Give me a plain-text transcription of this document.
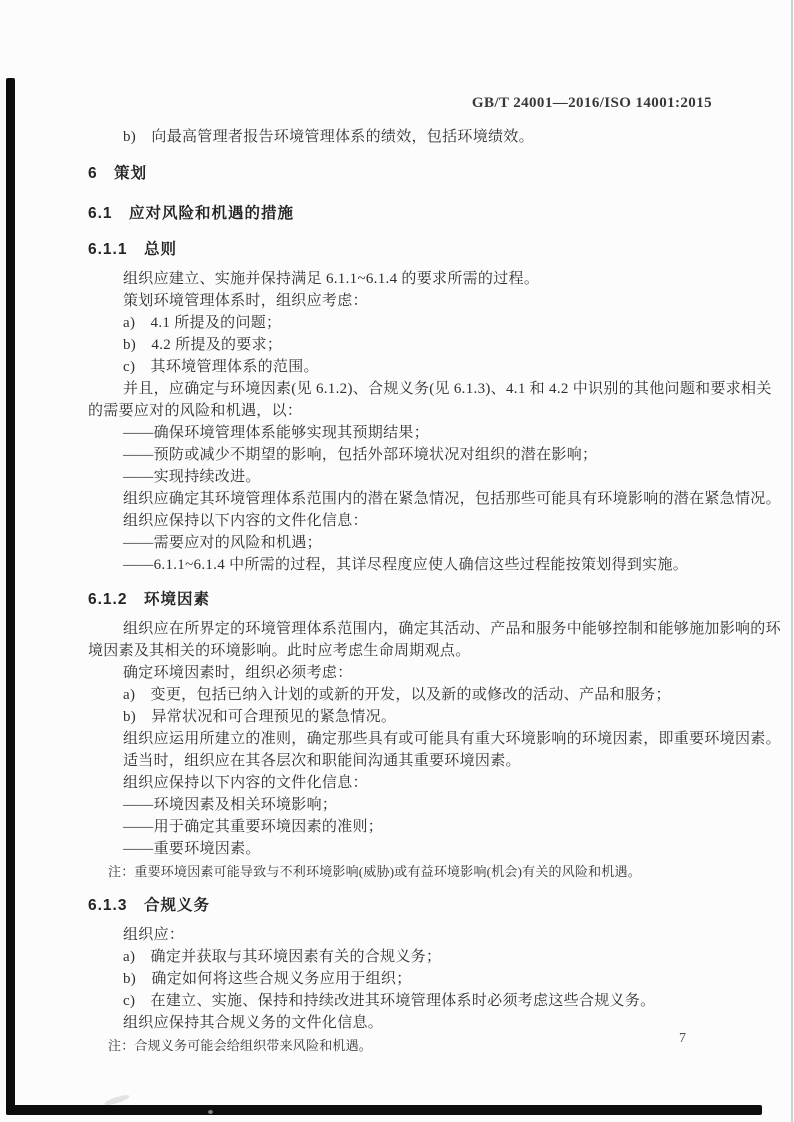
GB/T 24001—2016/ISO 14001:2015
b)　向最高管理者报告环境管理体系的绩效，包括环境绩效。
6　策划
6.1　应对风险和机遇的措施
6.1.1　总则
组织应建立、实施并保持满足 6.1.1~6.1.4 的要求所需的过程。
策划环境管理体系时，组织应考虑：
a)　4.1 所提及的问题；
b)　4.2 所提及的要求；
c)　其环境管理体系的范围。
并且，应确定与环境因素(见 6.1.2)、合规义务(见 6.1.3)、4.1 和 4.2 中识别的其他问题和要求相关
的需要应对的风险和机遇，以：
——确保环境管理体系能够实现其预期结果；
——预防或减少不期望的影响，包括外部环境状况对组织的潜在影响；
——实现持续改进。
组织应确定其环境管理体系范围内的潜在紧急情况，包括那些可能具有环境影响的潜在紧急情况。
组织应保持以下内容的文件化信息：
——需要应对的风险和机遇；
——6.1.1~6.1.4 中所需的过程，其详尽程度应使人确信这些过程能按策划得到实施。
6.1.2　环境因素
组织应在所界定的环境管理体系范围内，确定其活动、产品和服务中能够控制和能够施加影响的环
境因素及其相关的环境影响。此时应考虑生命周期观点。
确定环境因素时，组织必须考虑：
a)　变更，包括已纳入计划的或新的开发，以及新的或修改的活动、产品和服务；
b)　异常状况和可合理预见的紧急情况。
组织应运用所建立的准则，确定那些具有或可能具有重大环境影响的环境因素，即重要环境因素。
适当时，组织应在其各层次和职能间沟通其重要环境因素。
组织应保持以下内容的文件化信息：
——环境因素及相关环境影响；
——用于确定其重要环境因素的准则；
——重要环境因素。
注：重要环境因素可能导致与不利环境影响(威胁)或有益环境影响(机会)有关的风险和机遇。
6.1.3　合规义务
组织应：
a)　确定并获取与其环境因素有关的合规义务；
b)　确定如何将这些合规义务应用于组织；
c)　在建立、实施、保持和持续改进其环境管理体系时必须考虑这些合规义务。
组织应保持其合规义务的文件化信息。
注：合规义务可能会给组织带来风险和机遇。	7
